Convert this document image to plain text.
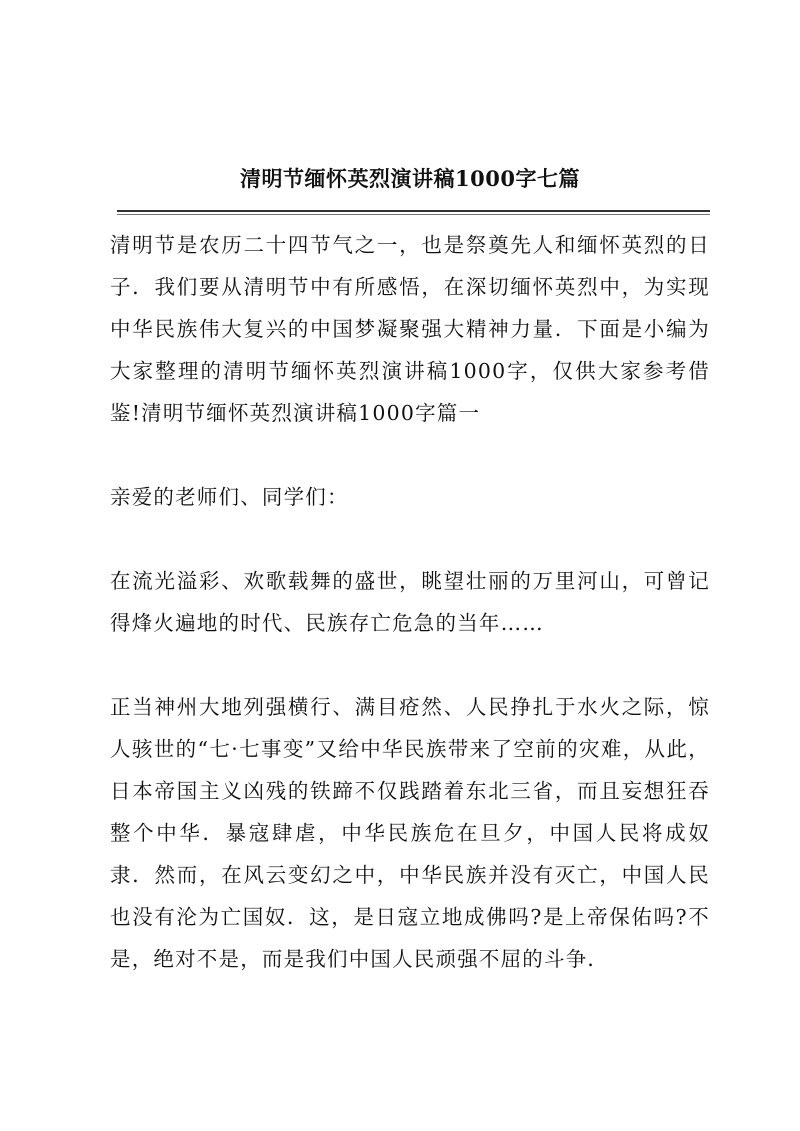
清明节缅怀英烈演讲稿1000字七篇
清明节是农历二十四节气之一，也是祭奠先人和缅怀英烈的日子．我们要从清明节中有所感悟，在深切缅怀英烈中，为实现中华民族伟大复兴的中国梦凝聚强大精神力量．下面是小编为大家整理的清明节缅怀英烈演讲稿1000字，仅供大家参考借鉴!清明节缅怀英烈演讲稿1000字篇一
亲爱的老师们、同学们：
在流光溢彩、欢歌载舞的盛世，眺望壮丽的万里河山，可曾记得烽火遍地的时代、民族存亡危急的当年……
正当神州大地列强横行、满目疮然、人民挣扎于水火之际，惊人骇世的“七·七事变”又给中华民族带来了空前的灾难，从此，日本帝国主义凶残的铁蹄不仅践踏着东北三省，而且妄想狂吞整个中华．暴寇肆虐，中华民族危在旦夕，中国人民将成奴隶．然而，在风云变幻之中，中华民族并没有灭亡，中国人民也没有沦为亡国奴．这，是日寇立地成佛吗?是上帝保佑吗?不是，绝对不是，而是我们中国人民顽强不屈的斗争．
